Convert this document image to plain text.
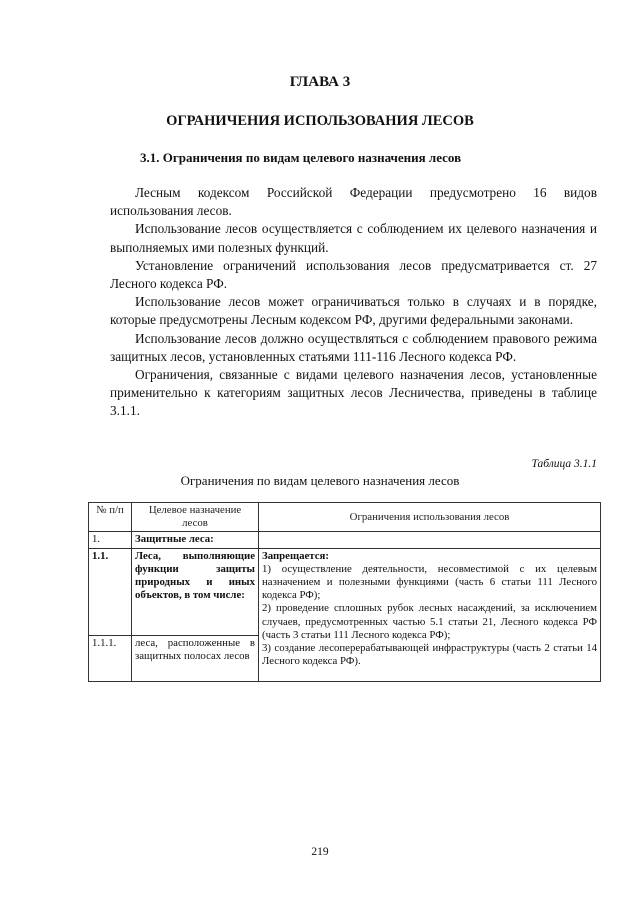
ГЛАВА 3
ОГРАНИЧЕНИЯ ИСПОЛЬЗОВАНИЯ ЛЕСОВ
3.1. Ограничения по видам целевого назначения лесов

Лесным кодексом Российской Федерации предусмотрено 16 видов использования лесов.

Использование лесов осуществляется с соблюдением их целевого назначения и выполняемых ими полезных функций.

Установление ограничений использования лесов предусматривается ст. 27 Лесного кодекса РФ.

Использование лесов может ограничиваться только в случаях и в порядке, которые предусмотрены Лесным кодексом РФ, другими федеральными законами.

Использование лесов должно осуществляться с соблюдением правового режима защитных лесов, установленных статьями 111-116 Лесного кодекса РФ.

Ограничения, связанные с видами целевого назначения лесов, установленные применительно к категориям защитных лесов Лесничества, приведены в таблице 3.1.1.

Таблица 3.1.1
Ограничения по видам целевого назначения лесов
№ п/п	Целевое назначение лесов	Ограничения использования лесов
1.	Защитные леса:	
1.1.	Леса, выполняющие функции защиты природных и иных объектов, в том числе:	Запрещается:
1) осуществление деятельности, несовместимой с их целевым назначением и полезными функциями (часть 6 статьи 111 Лесного кодекса РФ);
2) проведение сплошных рубок лесных насаждений, за исключением случаев, предусмотренных частью 5.1 статьи 21, Лесного кодекса РФ (часть 3 статьи 111 Лесного кодекса РФ);
3) создание лесоперерабатывающей инфраструктуры (часть 2 статьи 14 Лесного кодекса РФ).

1.1.1.	леса, расположенные в защитных полосах лесов	
219
